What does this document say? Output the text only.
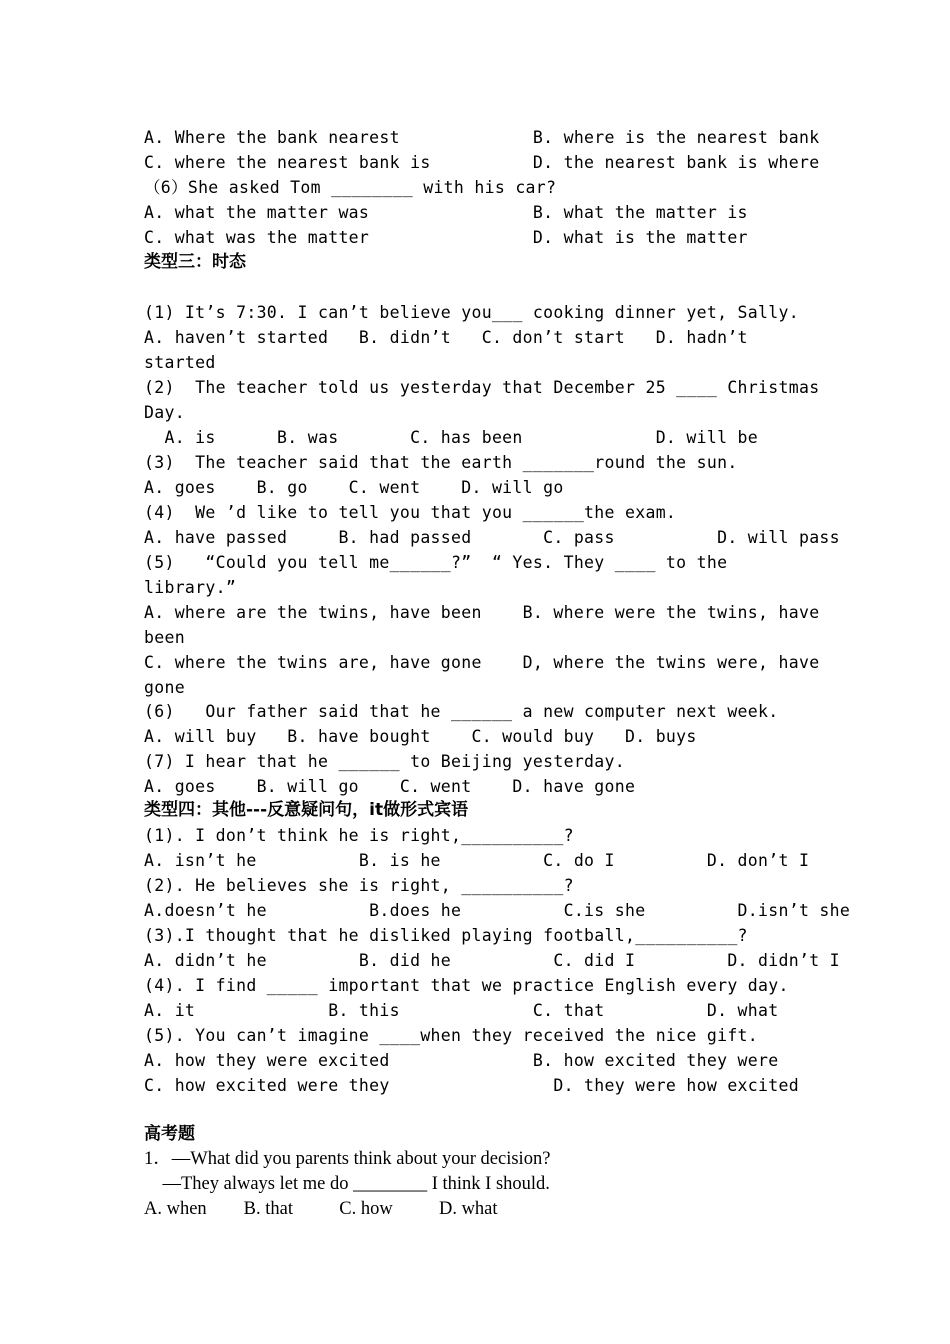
A. Where the bank nearest             B. where is the nearest bank
C. where the nearest bank is          D. the nearest bank is where
（6）She asked Tom ________ with his car?
A. what the matter was                B. what the matter is
C. what was the matter                D. what is the matter
类型三：时态
(1) It’s 7:30. I can’t believe you___ cooking dinner yet, Sally.
A. haven’t started   B. didn’t   C. don’t start   D. hadn’t
started
(2)  The teacher told us yesterday that December 25 ____ Christmas
Day.
A. is      B. was       C. has been             D. will be
(3)  The teacher said that the earth _______round the sun.
A. goes    B. go    C. went    D. will go
(4)  We ’d like to tell you that you ______the exam.
A. have passed     B. had passed       C. pass          D. will pass
(5)   “Could you tell me______?”  “ Yes. They ____ to the
library.”
A. where are the twins, have been    B. where were the twins, have
been
C. where the twins are, have gone    D, where the twins were, have
gone
(6)   Our father said that he ______ a new computer next week.
A. will buy   B. have bought    C. would buy   D. buys
(7) I hear that he ______ to Beijing yesterday.
A. goes    B. will go    C. went    D. have gone
类型四：其他---反意疑问句，it做形式宾语
(1). I don’t think he is right,__________?
A. isn’t he          B. is he          C. do I         D. don’t I
(2). He believes she is right, __________?
A.doesn’t he          B.does he          C.is she         D.isn’t she
(3).I thought that he disliked playing football,__________?
A. didn’t he         B. did he          C. did I         D. didn’t I
(4). I find _____ important that we practice English every day.
A. it             B. this             C. that          D. what
(5). You can’t imagine ____when they received the nice gift.
A. how they were excited              B. how excited they were
C. how excited were they                D. they were how excited
高考题
1．—What did you parents think about your decision?
—They always let me do ________ I think I should.
A. when        B. that          C. how          D. what
